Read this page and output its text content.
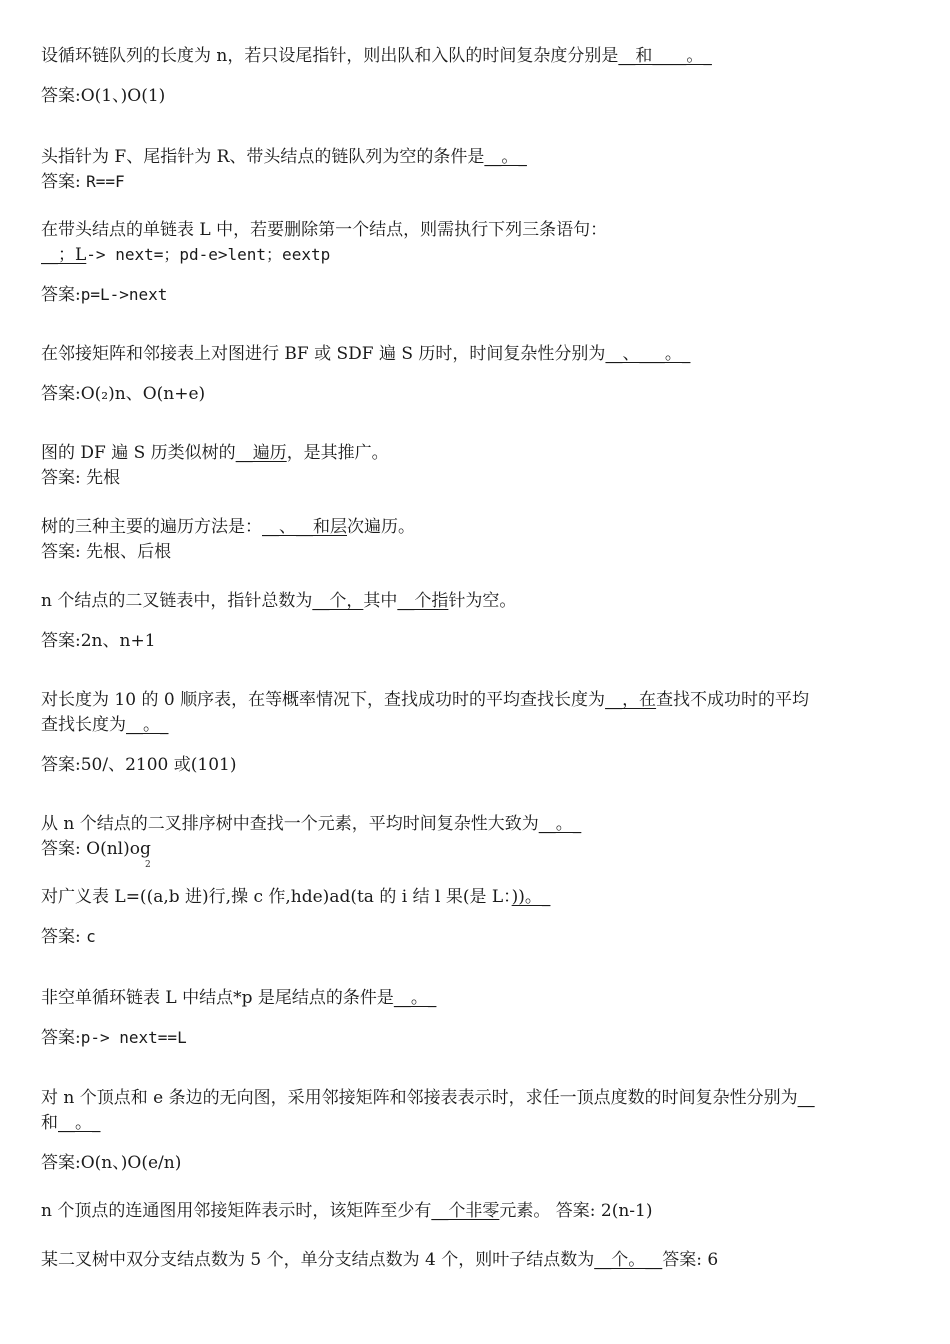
设循环链队列的长度为 n，若只设尾指针，则出队和入队的时间复杂度分别是__和____。_
答案:O(1、)O(1)
头指针为 F、尾指针为 R、带头结点的链队列为空的条件是__。_
答案: R==F
在带头结点的单链表 L 中，若要删除第一个结点，则需执行下列三条语句：
__；L-> next=；pd-e>lent；eextp
答案:p=L->next
在邻接矩阵和邻接表上对图进行 BF 或 SDF 遍 S 历时，时间复杂性分别为__、___。_
答案:O(₂)n、O(n+e)
图的 DF 遍 S 历类似树的__遍历，是其推广。
答案: 先根
树的三种主要的遍历方法是：__、__和层次遍历。
答案: 先根、后根
n 个结点的二叉链表中，指针总数为__个，其中__个指针为空。
答案:2n、n+1
对长度为 10 的 0 顺序表，在等概率情况下，查找成功时的平均查找长度为__，在查找不成功时的平均
查找长度为__。_
答案:50/、2100 或(101)
从 n 个结点的二叉排序树中查找一个元素，平均时间复杂性大致为__。_
答案: O(nl)og
2
对广义表 L=((a,b 进)行,操 c 作,hde)ad(ta 的 i 结 l 果(是 L：))。_
答案: c
非空单循环链表 L 中结点*p 是尾结点的条件是__。_
答案:p-> next==L
对 n 个顶点和 e 条边的无向图，采用邻接矩阵和邻接表表示时，求任一顶点度数的时间复杂性分别为__
和__。_
答案:O(n、)O(e/n)
n 个顶点的连通图用邻接矩阵表示时，该矩阵至少有__个非零元素。 答案: 2(n-1)
某二叉树中双分支结点数为 5 个，单分支结点数为 4 个，则叶子结点数为__个。__答案: 6
